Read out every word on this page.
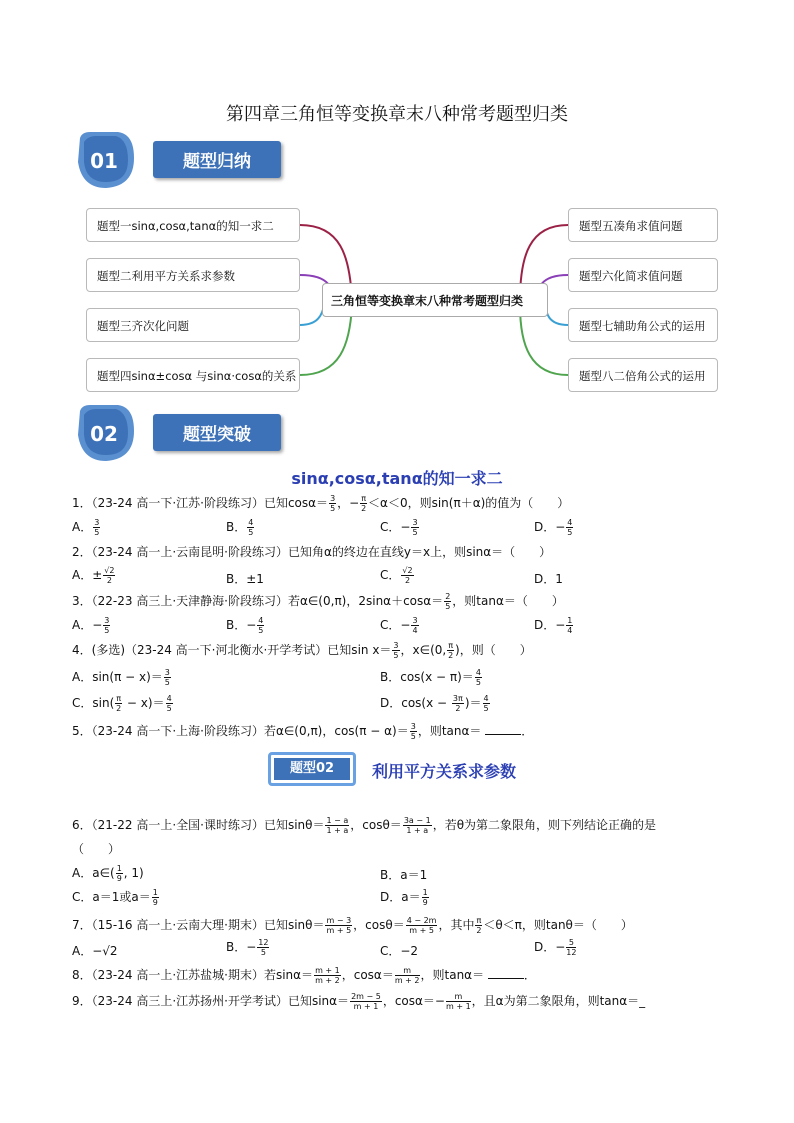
第四章三角恒等变换章末八种常考题型归类
01	题型归纳
题型一sinα,cosα,tanα的知一求二
题型二利用平方关系求参数
题型三齐次化问题
题型四sinα±cosα 与sinα·cosα的关系
三角恒等变换章末八种常考题型归类
题型五凑角求值问题
题型六化简求值问题
题型七辅助角公式的运用
题型八二倍角公式的运用
02	题型突破
sinα,cosα,tanα的知一求二
1．（23-24 高一下·江苏·阶段练习）已知$\cos\alpha= \frac{3}{5}$ ，− $\frac{\pi}{2} <\alpha<0$，则sin(π＋α)的值为（　　）
A． $\frac{3}{5}$	B． $\frac{4}{5}$	C．− $\frac{3}{5}$	D．− $\frac{4}{5}$
2．（23-24 高一上·云南昆明·阶段练习）已知角α的终边在直线y＝x上，则sinα＝（　　）
A．± $\frac{√2}{2}$	B．±1	C． $\frac{√2}{2}$	D．1
3．（22-23 高三上·天津静海·阶段练习）若α∈(0,π)，$2\sin\alpha+\cos\alpha= \frac{2}{5}$ ，则tanα＝（　　）
A．− $\frac{3}{5}$	B．− $\frac{4}{5}$	C．− $\frac{3}{4}$	D．− $\frac{1}{4}$
4．(多选)（23-24 高一下·河北衡水·开学考试）已知$\sin x= \frac{3}{5}$ ，x∈(0, $\frac{\pi}{2}$ )，则（　　）
A．$\sin(\pi - x)= \frac{3}{5}$	B．$\cos(x - \pi)= \frac{4}{5}$
C．$\sin( \frac{\pi}{2} - x)= \frac{4}{5}$	D．$\cos(x - \frac{3\pi}{2}$ )＝ $\frac{4}{5}$
5．（23-24 高一下·上海·阶段练习）若α∈(0,π)，$\cos(\pi - \alpha)= \frac{3}{5}$ ，则tanα＝	．
题型02	利用平方关系求参数
6．（21-22 高一上·全国·课时练习）已知$\sin\theta= \frac{1 - a}{1 + a}$ ，$\cos\theta= \frac{3a - 1}{1 + a}$ ，若θ为第二象限角，则下列结论正确的是
（　　）
A．a∈( $\frac{1}{9}$ , 1)	B．a＝1
C．a＝1或$a= \frac{1}{9}$	D．$a= \frac{1}{9}$
7．（15-16 高一上·云南大理·期末）已知$\sin\theta= \frac{m - 3}{m + 5}$ ，$\cos\theta= \frac{4 - 2m}{m + 5}$ ，其中 $\frac{\pi}{2} <\theta<\pi$，则tanθ＝（　　）
A．−√2	B．− $\frac{12}{5}$	C．−2	D．− $\frac{5}{12}$
8．（23-24 高一上·江苏盐城·期末）若$\sin\alpha= \frac{m + 1}{m + 2}$ ，$\cos\alpha= \frac{m}{m + 2}$ ，则tanα＝	．
9．（23-24 高三上·江苏扬州·开学考试）已知$\sin\alpha= \frac{2m - 5}{m + 1}$ ，$\cos\alpha=- \frac{m}{m + 1}$ ，且α为第二象限角，则tanα＝_
